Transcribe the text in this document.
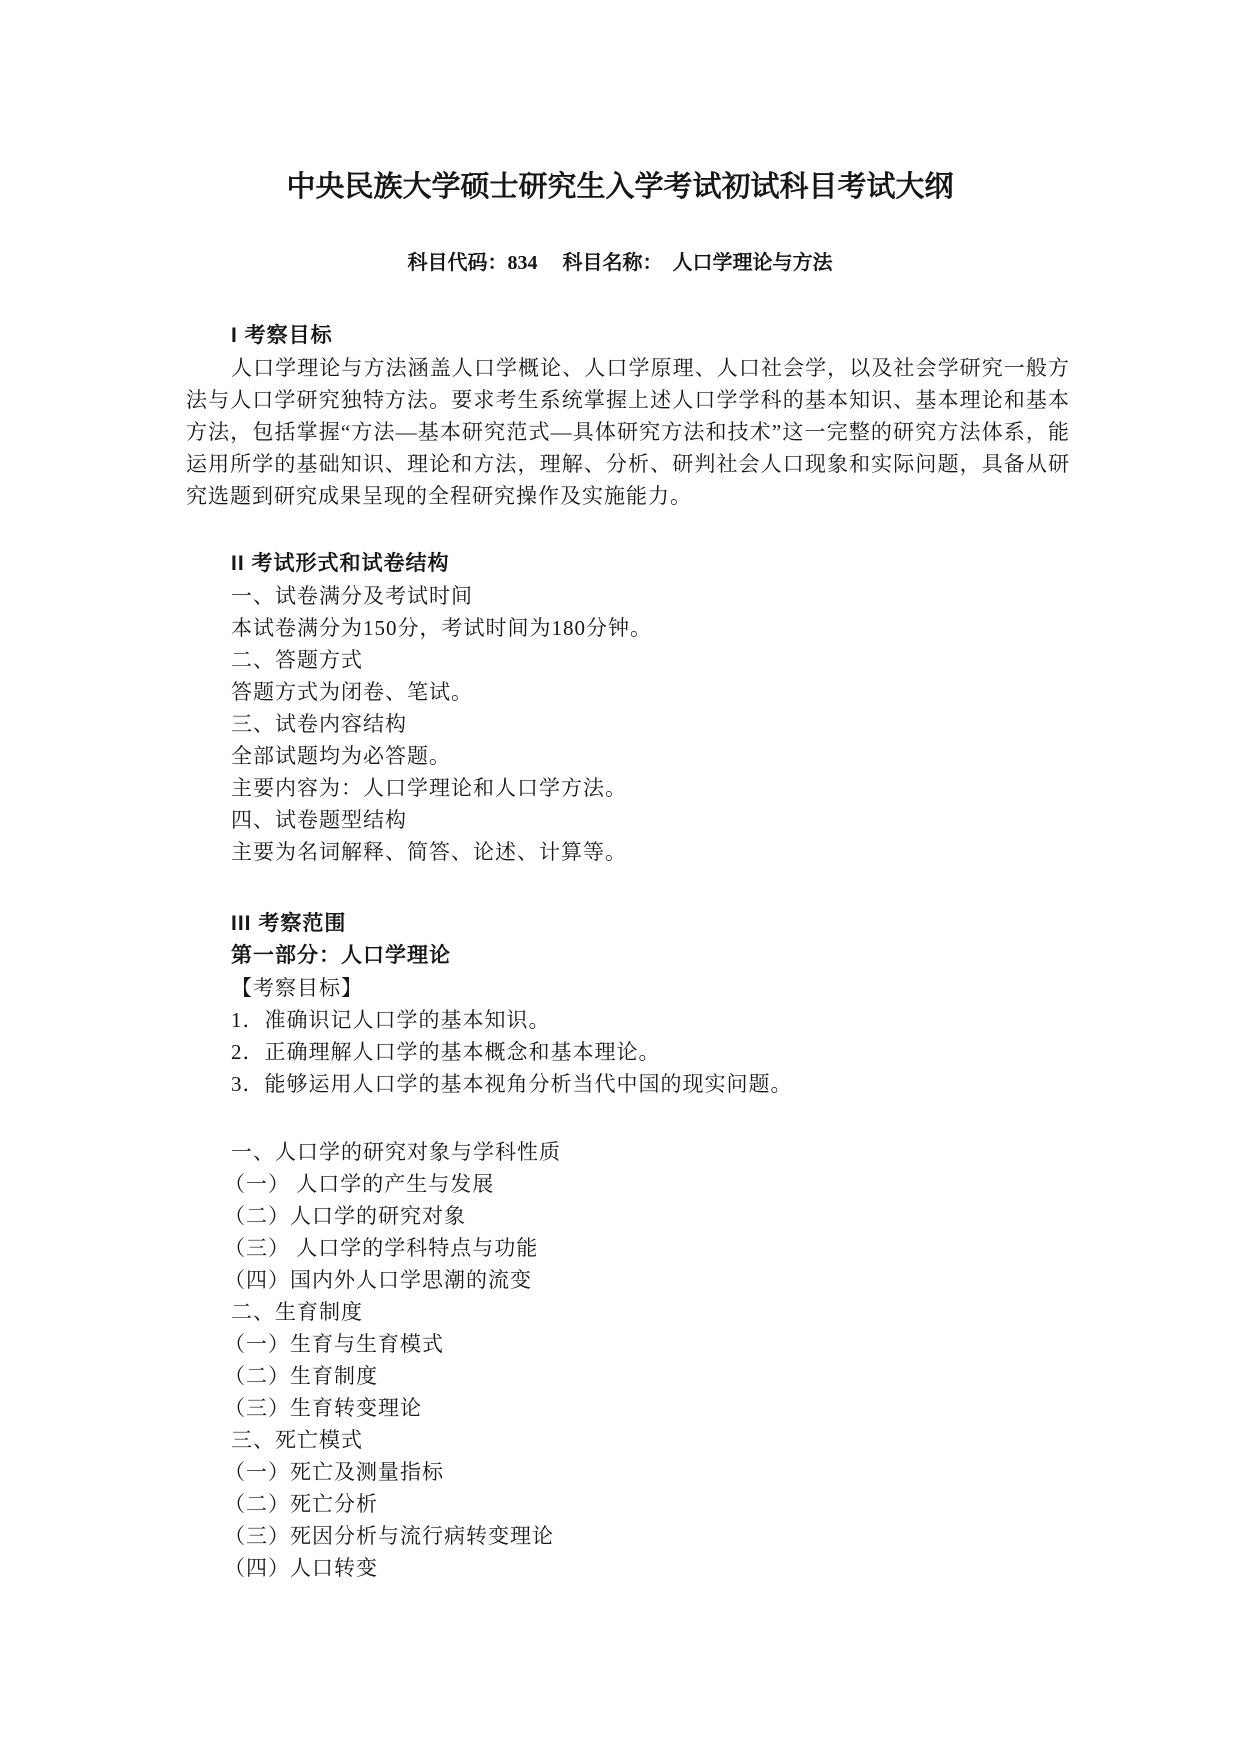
中央民族大学硕士研究生入学考试初试科目考试大纲
科目代码：834　 科目名称：　人口学理论与方法
I 考察目标

人口学理论与方法涵盖人口学概论、人口学原理、人口社会学，以及社会学研究一般方法与人口学研究独特方法。要求考生系统掌握上述人口学学科的基本知识、基本理论和基本方法，包括掌握“方法—基本研究范式—具体研究方法和技术”这一完整的研究方法体系，能运用所学的基础知识、理论和方法，理解、分析、研判社会人口现象和实际问题，具备从研究选题到研究成果呈现的全程研究操作及实施能力。

II 考试形式和试卷结构
一、试卷满分及考试时间
本试卷满分为150分，考试时间为180分钟。
二、答题方式
答题方式为闭卷、笔试。
三、试卷内容结构
全部试题均为必答题。
主要内容为：人口学理论和人口学方法。
四、试卷题型结构
主要为名词解释、简答、论述、计算等。
III 考察范围
第一部分：人口学理论
【考察目标】
1．准确识记人口学的基本知识。
2．正确理解人口学的基本概念和基本理论。
3．能够运用人口学的基本视角分析当代中国的现实问题。
一、人口学的研究对象与学科性质
（一） 人口学的产生与发展
（二）人口学的研究对象
（三） 人口学的学科特点与功能
（四）国内外人口学思潮的流变
二、生育制度
（一）生育与生育模式
（二）生育制度
（三）生育转变理论
三、死亡模式
（一）死亡及测量指标
（二）死亡分析
（三）死因分析与流行病转变理论
（四）人口转变
